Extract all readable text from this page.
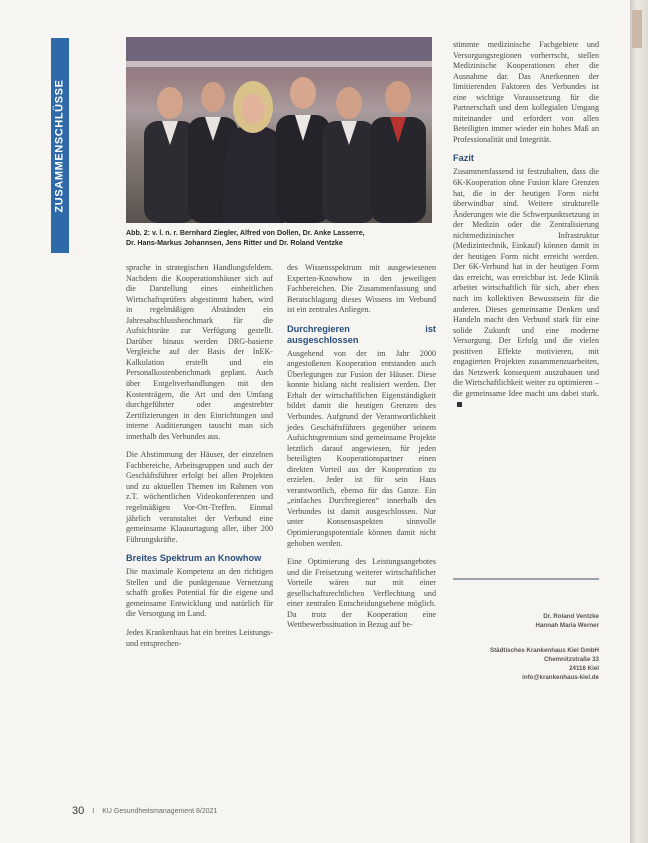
ZUSAMMENSCHLÜSSE
Abb. 2: v. l. n. r. Bernhard Ziegler, Alfred von Dollen, Dr. Anke Lasserre,
Dr. Hans-Markus Johannsen, Jens Ritter und Dr. Roland Ventzke

sprache in strategischen Handlungsfeldern. Nachdem die Kooperationshäuser sich auf die Darstellung eines einheitlichen Wirtschaftsprüfers abgestimmt haben, wird in regelmäßigen Abständen ein Jahresabschlussbenchmark für die Aufsichtsräte zur Verfügung gestellt. Darüber hinaus werden DRG-basierte Vergleiche auf der Basis der InEK-Kalkulation erstellt und ein Personalkostenbenchmark geplant. Auch über Entgeltverhandlungen mit den Kostenträgern, die Art und den Umfang durchgeführter oder angestrebter Zertifizierungen in den Einrichtungen und interne Auditierungen tauscht man sich innerhalb des Verbundes aus.

Die Abstimmung der Häuser, der einzelnen Fachbereiche, Arbeitsgruppen und auch der Geschäftsführer erfolgt bei allen Projekten und zu aktuellen Themen im Rahmen von z.T. wöchentlichen Videokonferenzen und regelmäßigen Vor-Ort-Treffen. Einmal jährlich veranstaltet der Verbund eine gemeinsame Klausurtagung aller, über 200 Führungskräfte.

Breites Spektrum an Knowhow

Die maximale Kompetenz an den richtigen Stellen und die punktgenaue Vernetzung schafft großes Potential für die eigene und gemeinsame Entwicklung und natürlich für die Versorgung im Land.

Jedes Krankenhaus hat ein breites Leistungs- und entsprechen-

des Wissensspektrum mit ausgewiesenen Experten-Knowhow in den jeweiligen Fachbereichen. Die Zusammenfassung und Beratschlagung dieses Wissens im Verbund ist ein zentrales Anliegen.

Durchregieren ist ausgeschlossen

Ausgehend von der im Jahr 2000 angestoßenen Kooperation entstanden auch Überlegungen zur Fusion der Häuser. Diese konnte bislang nicht realisiert werden. Der Erhalt der wirtschaftlichen Eigenständigkeit bildet damit die heutigen Grenzen des Verbundes. Aufgrund der Verantwortlichkeit jedes Geschäftsführers gegenüber seinem Aufsichtsgremium sind gemeinsame Projekte letztlich darauf angewiesen, für jeden beteiligten Kooperationspartner einen direkten Vorteil aus der Kooperation zu erzielen. Jeder ist für sein Haus verantwortlich, ebenso für das Ganze. Ein „einfaches Durchregieren“ innerhalb des Verbundes ist damit ausgeschlossen. Nur unter Konsensaspekten sinnvolle Optimierungspotentiale können damit nicht gehoben werden.

Eine Optimierung des Leistungsangebotes und die Freisetzung weiterer wirtschaftlicher Vorteile wären nur mit einer gesellschaftsrechtlichen Verflechtung und einer zentralen Entscheidungsebene möglich. Da trotz der Kooperation eine Wettbewerbssituation in Bezug auf be-

stimmte medizinische Fachgebiete und Versorgungsregionen vorherrscht, stellen Medizinische Kooperationen eher die Ausnahme dar. Das Anerkennen der limitierenden Faktoren des Verbundes ist eine wichtige Voraussetzung für die Partnerschaft und dem kollegialen Umgang miteinander und erfordert von allen Beteiligten immer wieder ein hohes Maß an Professionalität und Integrität.

Fazit

Zusammenfassend ist festzuhalten, dass die 6K-Kooperation ohne Fusion klare Grenzen hat, die in der heutigen Form nicht überwindbar sind. Weitere strukturelle Änderungen wie die Schwerpunktsetzung in der Medizin oder die Zentralisierung nichtmedizinischer Infrastruktur (Medizintechnik, Einkauf) können damit in der heutigen Form nicht erreicht werden. Der 6K-Verbund hat in der heutigen Form das erreicht, was erreichbar ist. Jede Klinik arbeitet wirtschaftlich für sich, aber eben nach im kollektiven Bewusstsein für die anderen. Dieses gemeinsame Denken und Handeln macht den Verbund stark für eine solide Zukunft und eine moderne Versorgung. Der Erfolg und die vielen positiven Effekte motivieren, mit engagierten Projekten zusammenzuarbeiten, das Netzwerk konsequent auszubauen und die Wirtschaftlichkeit weiter zu optimieren – die gemeinsame Idee macht uns dabei stark.

Dr. Roland Ventzke
Hannah Maria Werner
Städtisches Krankenhaus Kiel GmbH
Chemnitzstraße 33
24116 Kiel
info@krankenhaus-kiel.de
30 I KU Gesundheitsmanagement 8/2021
